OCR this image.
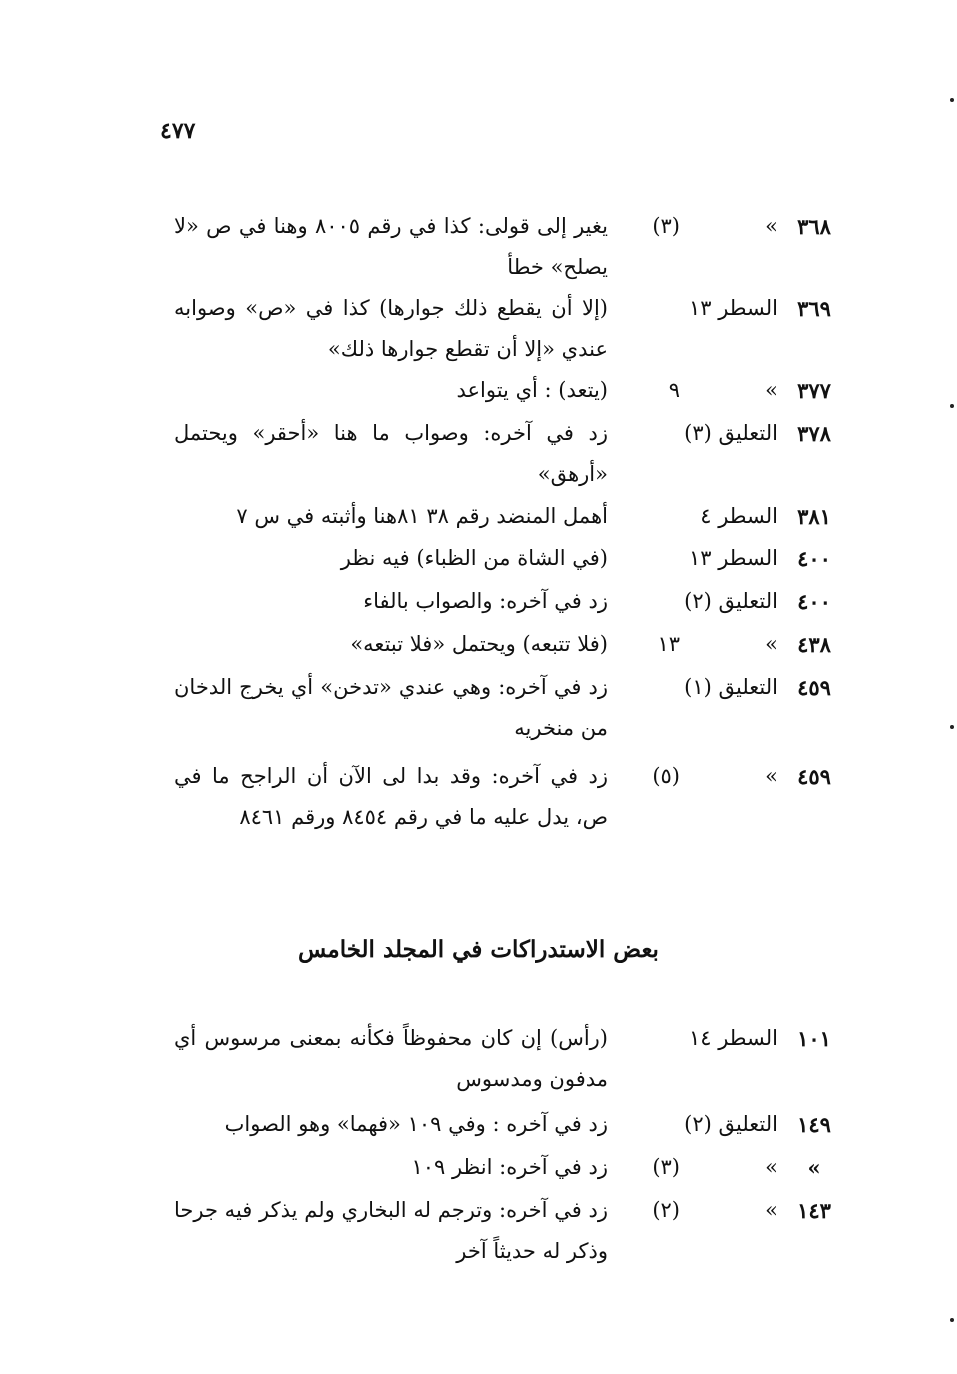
٤٧٧
٣٦٨
»
(٣)
يغير إلى قولى: كذا في رقم ٨٠٠٥ وهنا في ص «لا يصلح» خطأ
٣٦٩
السطر ١٣
(إلا أن يقطع ذلك جوارها) كذا في «ص» وصوابه عندي «إلا أن تقطع جوارها ذلك»
٣٧٧
»
٩
(يتعد) : أي يتواعد
٣٧٨
التعليق (٣)
زد في آخره: وصواب ما هنا «أحقر» ويحتمل «أرهق»
٣٨١
السطر ٤
أهمل المنضد رقم ٣٨ ٨١هنا وأثبته في س ٧
٤٠٠
السطر ١٣
(في الشاة من الظباء) فيه نظر
٤٠٠
التعليق (٢)
زد في آخره: والصواب بالفاء
٤٣٨
»
١٣
(فلا تتبعه) ويحتمل «فلا تبتعه»
٤٥٩
التعليق (١)
زد في آخره: وهي عندي «تدخن» أي يخرج الدخان من منخريه
٤٥٩
»
(٥)
زد في آخره: وقد بدا لى الآن أن الراجح ما في ص، يدل عليه ما في رقم ٨٤٥٤ ورقم ٨٤٦١
بعض الاستدراكات في المجلد الخامس
١٠١
السطر ١٤
(رأس) إن كان محفوظاً فكأنه بمعنى مرسوس أي مدفون ومدسوس
١٤٩
التعليق (٢)
زد في آخره : وفي ١٠٩ «فهما» وهو الصواب
»
»
(٣)
زد في آخره: انظر ١٠٩
١٤٣
»
(٢)
زد في آخره: وترجم له البخاري ولم يذكر فيه جرحا وذكر له حديثاً آخر
